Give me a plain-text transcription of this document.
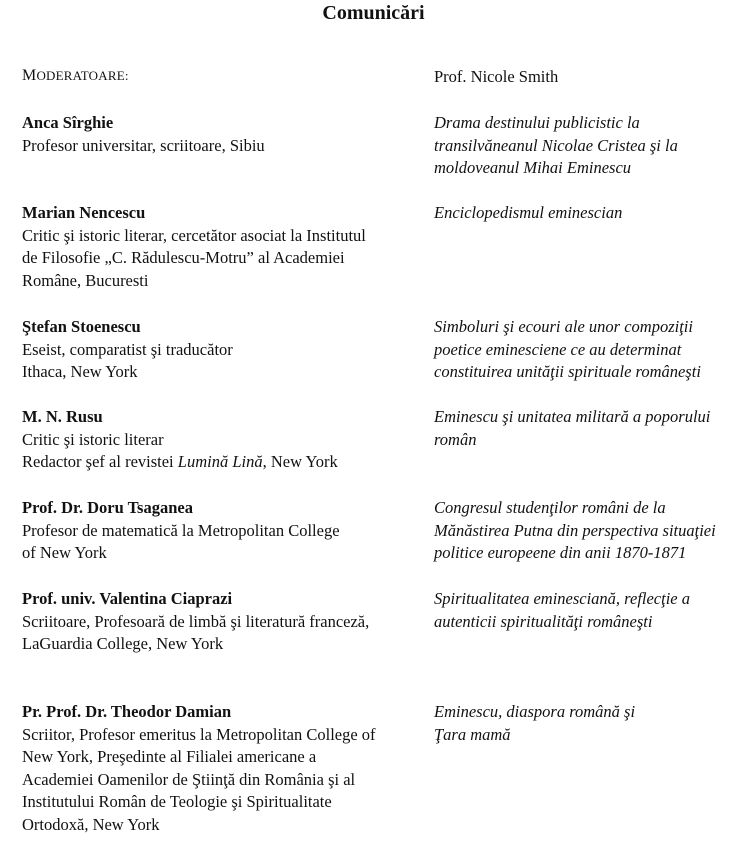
Comunicări
MODERATOARE:	Prof. Nicole Smith
Anca Sîrghie
Profesor universitar, scriitoare, Sibiu
Drama destinului publicistic la
transilvăneanul Nicolae Cristea şi la
moldoveanul Mihai Eminescu
Marian Nencescu
Critic şi istoric literar, cercetător asociat la Institutul
de Filosofie „C. Rădulescu-Motru” al Academiei
Române, Bucuresti
Enciclopedismul eminescian
Ştefan Stoenescu
Eseist, comparatist şi traducător
Ithaca, New York
Simboluri şi ecouri ale unor compoziţii
poetice eminesciene ce au determinat
constituirea unităţii spirituale româneşti
M. N. Rusu
Critic şi istoric literar
Redactor şef al revistei Lumină Lină, New York
Eminescu şi unitatea militară a poporului
român
Prof. Dr. Doru Tsaganea
Profesor de matematică la Metropolitan College
of New York
Congresul studenţilor români de la
Mănăstirea Putna din perspectiva situaţiei
politice europeene din anii 1870-1871
Prof. univ. Valentina Ciaprazi
Scriitoare, Profesoară de limbă şi literatură franceză,
LaGuardia College, New York
Spiritualitatea eminesciană, reflecţie a
autenticii spiritualităţi româneşti
Pr. Prof. Dr. Theodor Damian
Scriitor, Profesor emeritus la Metropolitan College of
New York, Preşedinte al Filialei americane a
Academiei Oamenilor de Ştiinţă din România şi al
Institutului Român de Teologie şi Spiritualitate
Ortodoxă, New York
Eminescu, diaspora română şi
Ţara mamă
